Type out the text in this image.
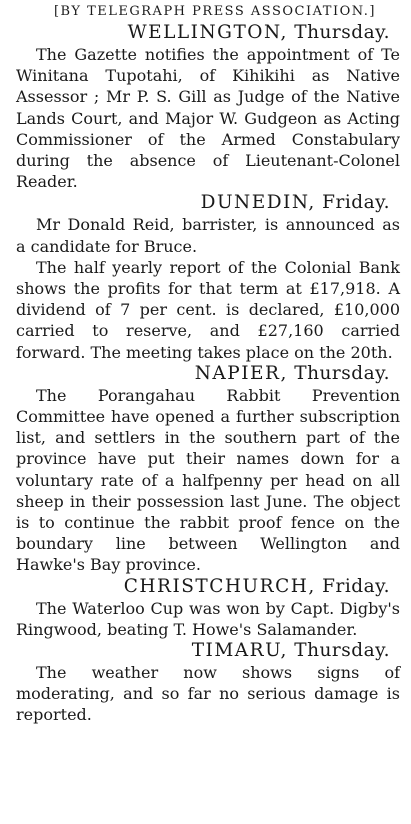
[BY TELEGRAPH PRESS ASSOCIATION.]

WELLINGTON, Thursday.

The Gazette notifies the appointment of Te Winitana Tupotahi, of Kihikihi as Native Assessor ; Mr P. S. Gill as Judge of the Native Lands Court, and Major W. Gudgeon as Acting Commissioner of the Armed Constabulary during the absence of Lieutenant-Colonel Reader.

DUNEDIN, Friday.

Mr Donald Reid, barrister, is announced as a candidate for Bruce.

The half yearly report of the Colonial Bank shows the profits for that term at £17,918. A dividend of 7 per cent. is declared, £10,000 carried to reserve, and £27,160 carried forward. The meeting takes place on the 20th.

NAPIER, Thursday.

The Porangahau Rabbit Prevention Committee have opened a further subscription list, and settlers in the southern part of the province have put their names down for a voluntary rate of a halfpenny per head on all sheep in their possession last June. The object is to continue the rabbit proof fence on the boundary line between Wellington and Hawke's Bay province.

CHRISTCHURCH, Friday.

The Waterloo Cup was won by Capt. Digby's Ringwood, beating T. Howe's Salamander.

TIMARU, Thursday.

The weather now shows signs of moderating, and so far no serious damage is reported.
